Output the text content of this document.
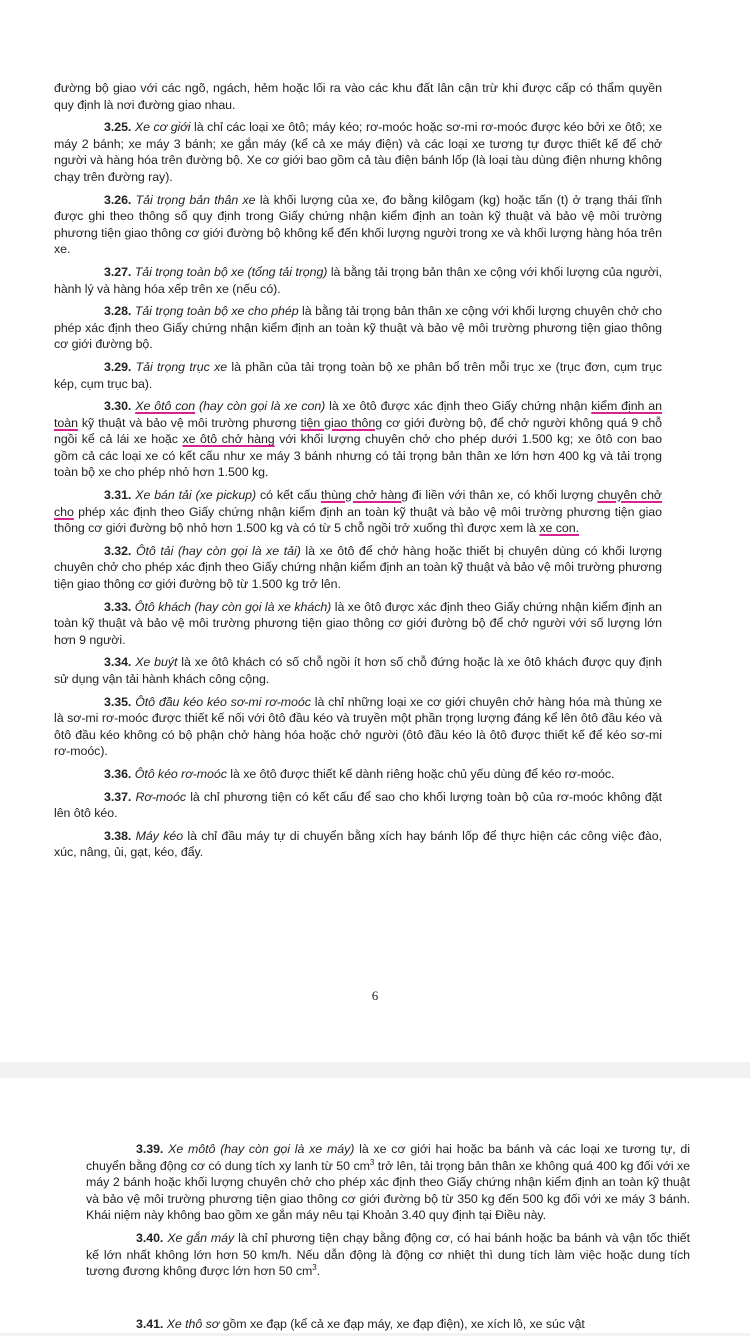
đường bộ giao với các ngõ, ngách, hẻm hoặc lối ra vào các khu đất lân cận trừ khi được cấp có thẩm quyền quy định là nơi đường giao nhau.

3.25. Xe cơ giới là chỉ các loại xe ôtô; máy kéo; rơ-moóc hoặc sơ-mi rơ-moóc được kéo bởi xe ôtô; xe máy 2 bánh; xe máy 3 bánh; xe gắn máy (kể cả xe máy điện) và các loại xe tương tự được thiết kế để chở người và hàng hóa trên đường bộ. Xe cơ giới bao gồm cả tàu điện bánh lốp (là loại tàu dùng điện nhưng không chạy trên đường ray).

3.26. Tải trọng bản thân xe là khối lượng của xe, đo bằng kilôgam (kg) hoặc tấn (t) ở trạng thái tĩnh được ghi theo thông số quy định trong Giấy chứng nhận kiểm định an toàn kỹ thuật và bảo vệ môi trường phương tiện giao thông cơ giới đường bộ không kể đến khối lượng người trong xe và khối lượng hàng hóa trên xe.

3.27. Tải trọng toàn bộ xe (tổng tải trọng) là bằng tải trọng bản thân xe cộng với khối lượng của người, hành lý và hàng hóa xếp trên xe (nếu có).

3.28. Tải trọng toàn bộ xe cho phép là bằng tải trọng bản thân xe cộng với khối lượng chuyên chở cho phép xác định theo Giấy chứng nhận kiểm định an toàn kỹ thuật và bảo vệ môi trường phương tiện giao thông cơ giới đường bộ.

3.29. Tải trọng trục xe là phần của tải trọng toàn bộ xe phân bổ trên mỗi trục xe (trục đơn, cụm trục kép, cụm trục ba).

3.30. Xe ôtô con (hay còn gọi là xe con) là xe ôtô được xác định theo Giấy chứng nhận kiểm định an toàn kỹ thuật và bảo vệ môi trường phương tiện giao thông cơ giới đường bộ, để chở người không quá 9 chỗ ngồi kể cả lái xe hoặc xe ôtô chở hàng với khối lượng chuyên chở cho phép dưới 1.500 kg; xe ôtô con bao gồm cả các loại xe có kết cấu như xe máy 3 bánh nhưng có tải trọng bản thân xe lớn hơn 400 kg và tải trọng toàn bộ xe cho phép nhỏ hơn 1.500 kg.

3.31. Xe bán tải (xe pickup) có kết cấu thùng chở hàng đi liền với thân xe, có khối lượng chuyên chở cho phép xác định theo Giấy chứng nhận kiểm định an toàn kỹ thuật và bảo vệ môi trường phương tiện giao thông cơ giới đường bộ nhỏ hơn 1.500 kg và có từ 5 chỗ ngồi trở xuống thì được xem là xe con.

3.32. Ôtô tải (hay còn gọi là xe tải) là xe ôtô để chở hàng hoặc thiết bị chuyên dùng có khối lượng chuyên chở cho phép xác định theo Giấy chứng nhận kiểm định an toàn kỹ thuật và bảo vệ môi trường phương tiện giao thông cơ giới đường bộ từ 1.500 kg trở lên.

3.33. Ôtô khách (hay còn gọi là xe khách) là xe ôtô được xác định theo Giấy chứng nhận kiểm định an toàn kỹ thuật và bảo vệ môi trường phương tiện giao thông cơ giới đường bộ để chở người với số lượng lớn hơn 9 người.

3.34. Xe buýt là xe ôtô khách có số chỗ ngồi ít hơn số chỗ đứng hoặc là xe ôtô khách được quy định sử dụng vận tải hành khách công cộng.

3.35. Ôtô đầu kéo kéo sơ-mi rơ-moóc là chỉ những loại xe cơ giới chuyên chở hàng hóa mà thùng xe là sơ-mi rơ-moóc được thiết kế nối với ôtô đầu kéo và truyền một phần trọng lượng đáng kể lên ôtô đầu kéo và ôtô đầu kéo không có bộ phận chở hàng hóa hoặc chở người (ôtô đầu kéo là ôtô được thiết kế để kéo sơ-mi rơ-moóc).

3.36. Ôtô kéo rơ-moóc là xe ôtô được thiết kế dành riêng hoặc chủ yếu dùng để kéo rơ-moóc.

3.37. Rơ-moóc là chỉ phương tiện có kết cấu để sao cho khối lượng toàn bộ của rơ-moóc không đặt lên ôtô kéo.

3.38. Máy kéo là chỉ đầu máy tự di chuyển bằng xích hay bánh lốp để thực hiện các công việc đào, xúc, nâng, ủi, gạt, kéo, đẩy.

6

3.39. Xe môtô (hay còn gọi là xe máy) là xe cơ giới hai hoặc ba bánh và các loại xe tương tự, di chuyển bằng động cơ có dung tích xy lanh từ 50 $cm^3$ trở lên, tải trọng bản thân xe không quá 400 kg đối với xe máy 2 bánh hoặc khối lượng chuyên chở cho phép xác định theo Giấy chứng nhận kiểm định an toàn kỹ thuật và bảo vệ môi trường phương tiện giao thông cơ giới đường bộ từ 350 kg đến 500 kg đối với xe máy 3 bánh. Khái niệm này không bao gồm xe gắn máy nêu tại Khoản 3.40 quy định tại Điều này.

3.40. Xe gắn máy là chỉ phương tiện chạy bằng động cơ, có hai bánh hoặc ba bánh và vận tốc thiết kế lớn nhất không lớn hơn 50 km/h. Nếu dẫn động là động cơ nhiệt thì dung tích làm việc hoặc dung tích tương đương không được lớn hơn 50 $cm^3$.

3.41. Xe thô sơ gồm xe đạp (kể cả xe đạp máy, xe đạp điện), xe xích lô, xe súc vật
